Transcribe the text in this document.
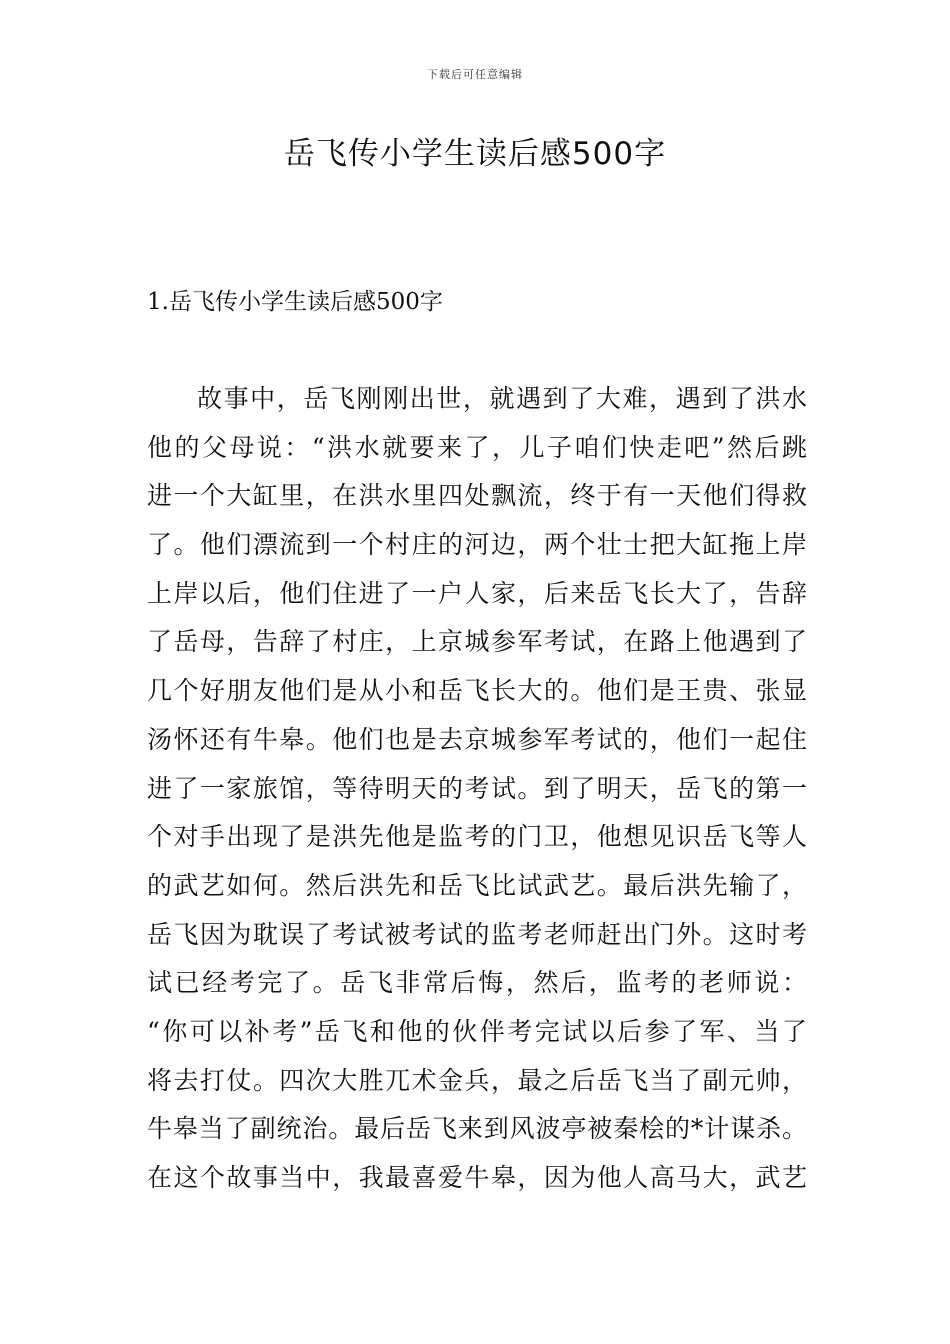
下载后可任意编辑
岳飞传小学生读后感500字
1.岳飞传小学生读后感500字
故事中，岳飞刚刚出世，就遇到了大难，遇到了洪水
他的父母说：“洪水就要来了，儿子咱们快走吧”然后跳
进一个大缸里，在洪水里四处飘流，终于有一天他们得救
了。他们漂流到一个村庄的河边，两个壮士把大缸拖上岸
上岸以后，他们住进了一户人家，后来岳飞长大了，告辞
了岳母，告辞了村庄，上京城参军考试，在路上他遇到了
几个好朋友他们是从小和岳飞长大的。他们是王贵、张显
汤怀还有牛皋。他们也是去京城参军考试的，他们一起住
进了一家旅馆，等待明天的考试。到了明天，岳飞的第一
个对手出现了是洪先他是监考的门卫，他想见识岳飞等人
的武艺如何。然后洪先和岳飞比试武艺。最后洪先输了，
岳飞因为耽误了考试被考试的监考老师赶出门外。这时考
试已经考完了。岳飞非常后悔，然后，监考的老师说：
“你可以补考”岳飞和他的伙伴考完试以后参了军、当了
将去打仗。四次大胜兀术金兵，最之后岳飞当了副元帅，
牛皋当了副统治。最后岳飞来到风波亭被秦桧的*计谋杀。
在这个故事当中，我最喜爱牛皋，因为他人高马大，武艺
